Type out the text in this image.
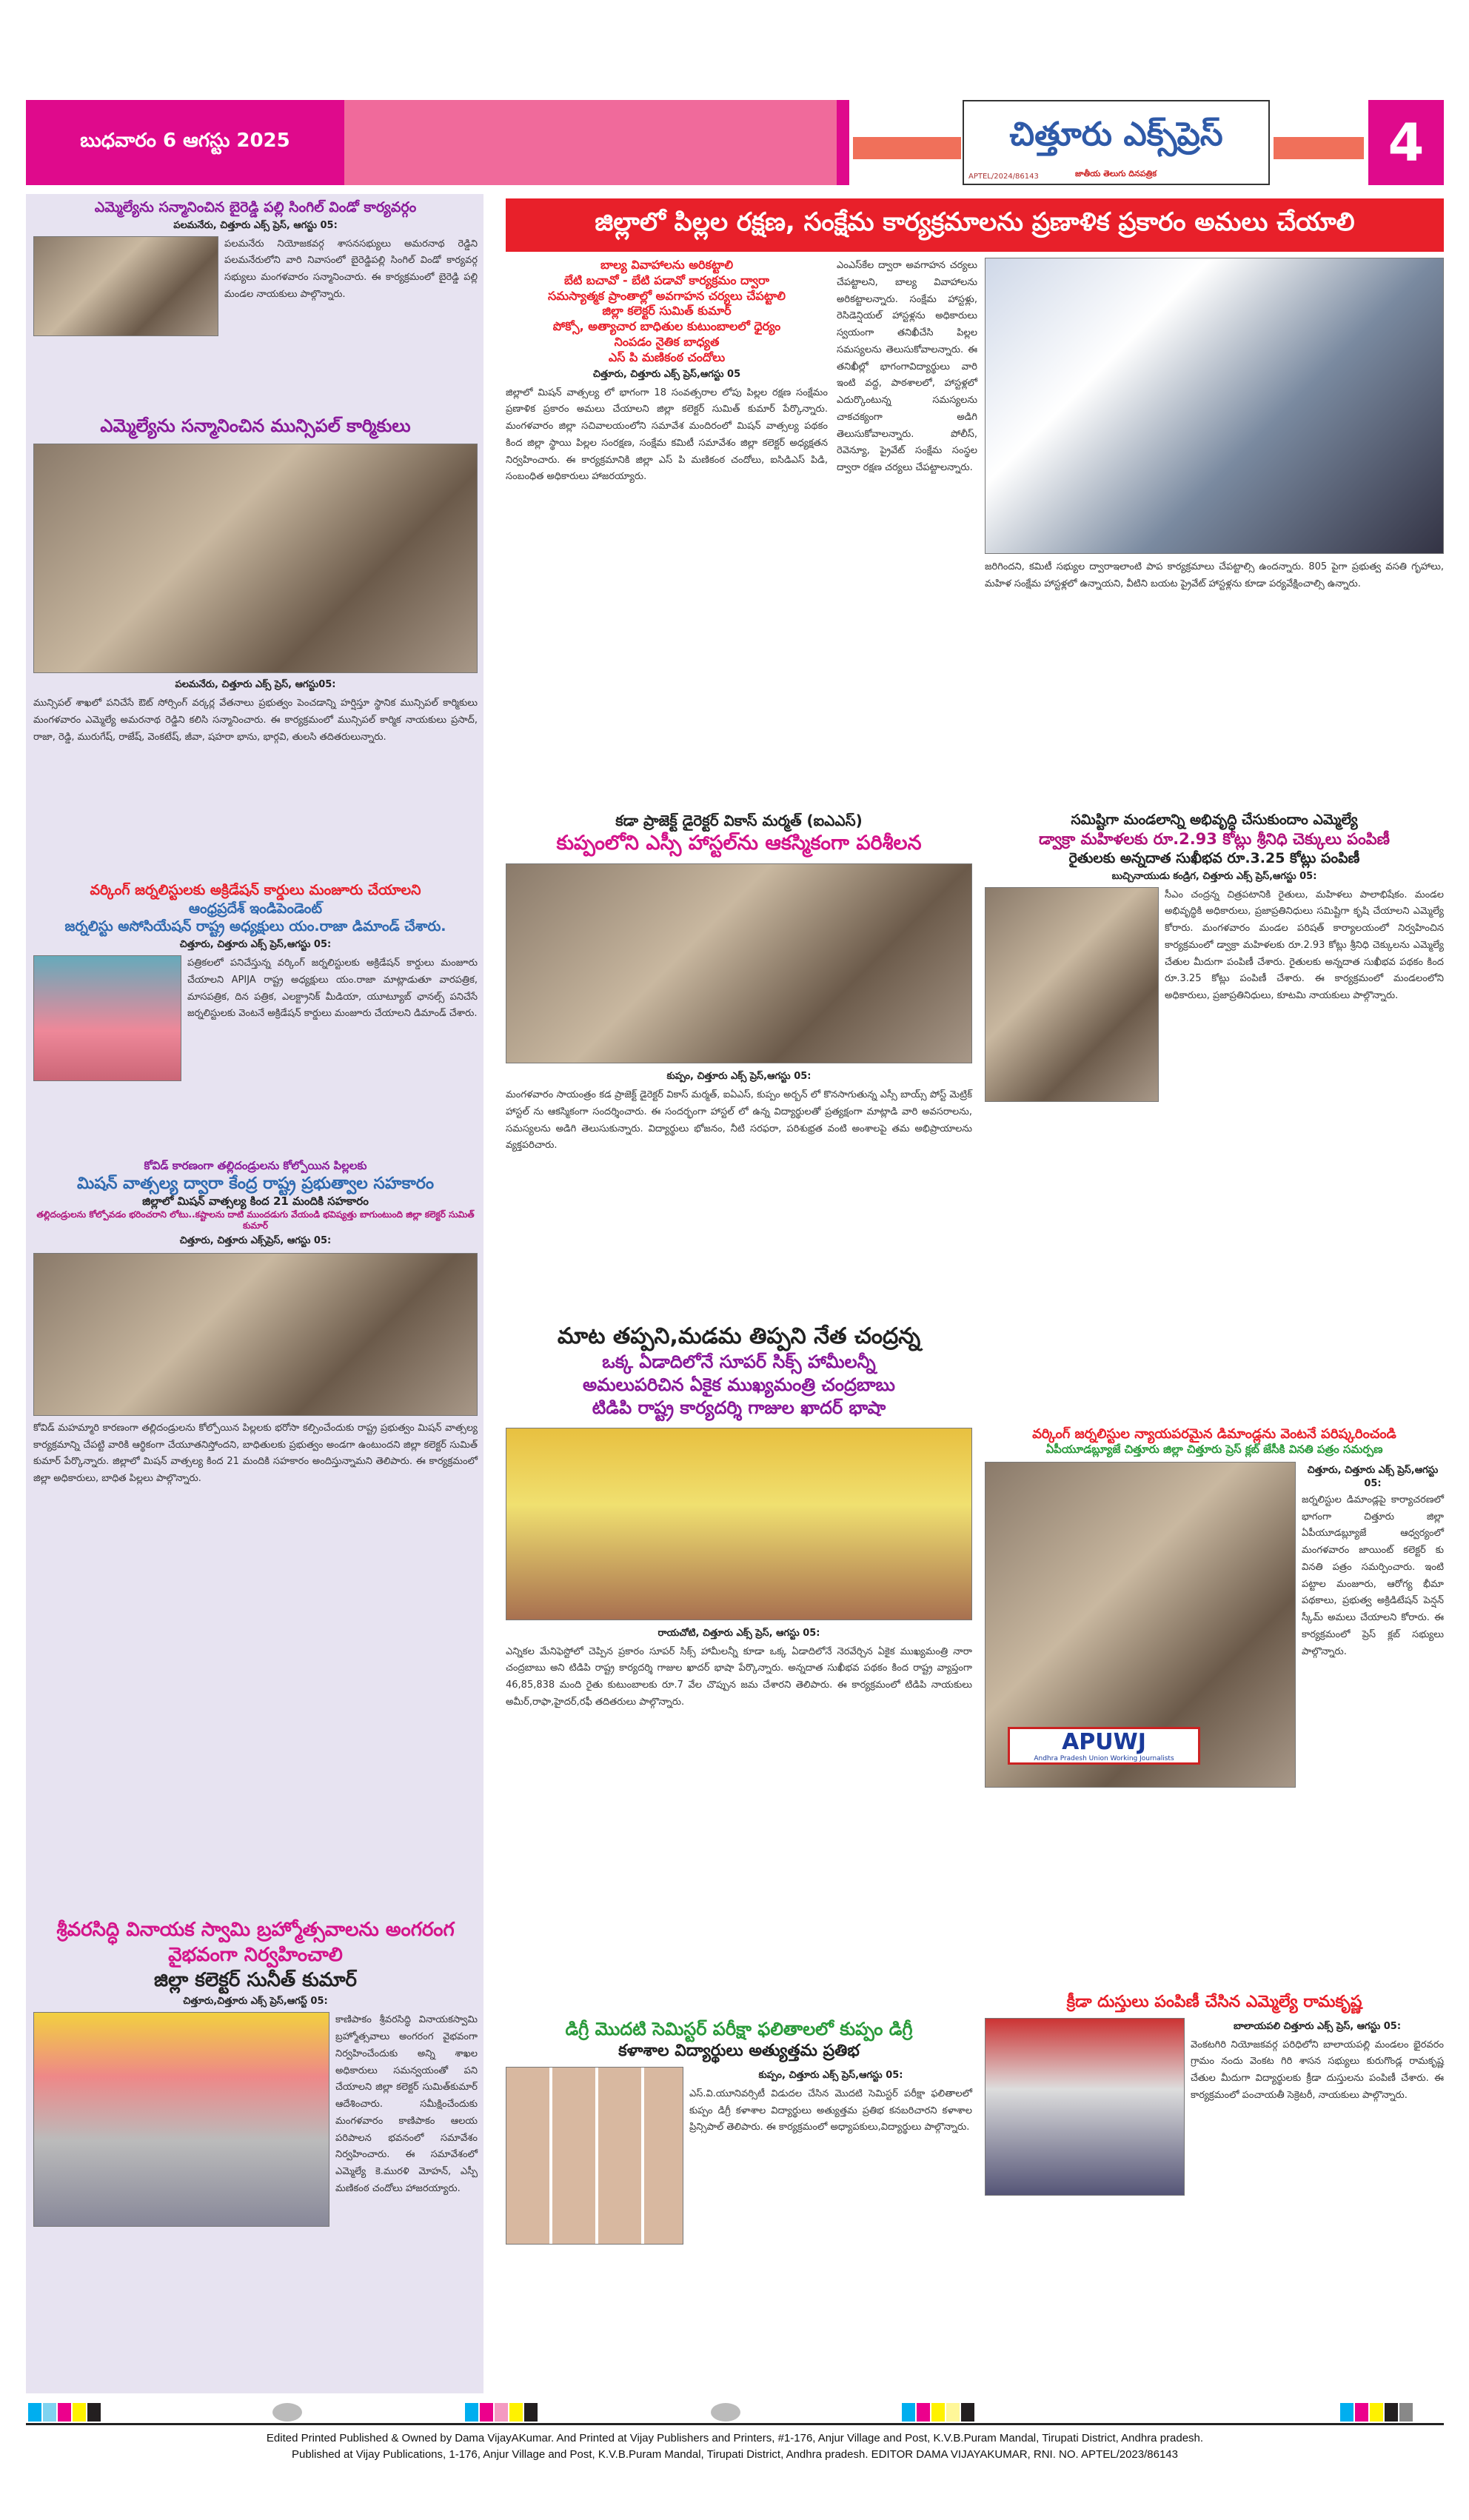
బుధవారం 6 ఆగస్టు 2025	చిత్తూరు ఎక్స్‌ప్రెస్
APTEL/2024/86143	జాతీయ తెలుగు దినపత్రిక
4
ఎమ్మెల్యేను సన్మానించిన బైరెడ్డి పల్లి సింగిల్ విండో కార్యవర్గం
పలమనేరు, చిత్తూరు ఎక్స్ ప్రెస్, ఆగస్టు 05:
పలమనేరు నియోజకవర్గ శాసనసభ్యులు అమరనాథ రెడ్డిని పలమనేరులోని వారి నివాసంలో బైరెడ్డిపల్లి సింగిల్ విండో కార్యవర్గ సభ్యులు మంగళవారం సన్మానించారు. ఈ కార్యక్రమంలో బైరెడ్డి పల్లి మండల నాయకులు పాల్గొన్నారు.
ఎమ్మెల్యేను సన్మానించిన మున్సిపల్ కార్మికులు
పలమనేరు, చిత్తూరు ఎక్స్ ప్రెస్, ఆగస్టు05:
మున్సిపల్ శాఖలో పనిచేసే ఔట్ సోర్సింగ్ వర్కర్ల వేతనాలు ప్రభుత్వం పెంచడాన్ని హర్షిస్తూ స్థానిక మున్సిపల్ కార్మికులు మంగళవారం ఎమ్మెల్యే అమరనాథ రెడ్డిని కలిసి సన్మానించారు. ఈ కార్యక్రమంలో మున్సిపల్ కార్మిక నాయకులు ప్రసాద్, రాజా, రెడ్డి, మురుగేష్, రాజేష్, వెంకటేష్, జీవా, షహరా భాను, భార్గవి, తులసి తదితరులున్నారు.
వర్కింగ్ జర్నలిస్టులకు అక్రిడేషన్ కార్డులు మంజూరు చేయాలని
ఆంధ్రప్రదేశ్ ఇండిపెండెంట్
జర్నలిస్టు అసోసియేషన్ రాష్ట్ర అధ్యక్షులు యం.రాజా డిమాండ్ చేశారు.
చిత్తూరు, చిత్తూరు ఎక్స్ ప్రెస్,ఆగస్టు 05:
పత్రికలలో పనిచేస్తున్న వర్కింగ్ జర్నలిస్టులకు అక్రిడేషన్ కార్డులు మంజూరు చేయాలని APIJA రాష్ట్ర అధ్యక్షులు యం.రాజా మాట్లాడుతూ వారపత్రిక, మాసపత్రిక, దిన పత్రిక, ఎలక్ట్రానిక్ మీడియా, యూట్యూబ్ ఛానల్స్ పనిచేసే జర్నలిస్టులకు వెంటనే అక్రిడేషన్ కార్డులు మంజూరు చేయాలని డిమాండ్ చేశారు.
కోవిడ్ కారణంగా తల్లిదండ్రులను కోల్పోయిన పిల్లలకు
మిషన్ వాత్సల్య ద్వారా కేంద్ర రాష్ట్ర ప్రభుత్వాల సహకారం
జిల్లాలో మిషన్ వాత్సల్య కింద 21 మందికి సహకారం
తల్లిదండ్రులను కోల్పోవడం భరించరాని లోటు..కష్టాలను దాటి ముందడుగు వేయండి భవిష్యత్తు బాగుంటుంది జిల్లా కలెక్టర్ సుమిత్ కుమార్
చిత్తూరు, చిత్తూరు ఎక్స్‌ప్రెస్, ఆగస్టు 05:
కోవిడ్ మహమ్మారి కారణంగా తల్లిదండ్రులను కోల్పోయిన పిల్లలకు భరోసా కల్పించేందుకు రాష్ట్ర ప్రభుత్వం మిషన్ వాత్సల్య కార్యక్రమాన్ని చేపట్టి వారికి ఆర్థికంగా చేయూతనిస్తోందని, బాధితులకు ప్రభుత్వం అండగా ఉంటుందని జిల్లా కలెక్టర్ సుమిత్ కుమార్ పేర్కొన్నారు. జిల్లాలో మిషన్ వాత్సల్య కింద 21 మందికి సహకారం అందిస్తున్నామని తెలిపారు. ఈ కార్యక్రమంలో జిల్లా అధికారులు, బాధిత పిల్లలు పాల్గొన్నారు.
శ్రీవరసిద్ధి వినాయక స్వామి బ్రహ్మోత్సవాలను అంగరంగ వైభవంగా నిర్వహించాలి
జిల్లా కలెక్టర్ సునీత్ కుమార్
చిత్తూరు,చిత్తూరు ఎక్స్ ప్రెస్,ఆగస్ట్ 05:
కాణిపాకం శ్రీవరసిద్ధి వినాయకస్వామి బ్రహ్మోత్సవాలు అంగరంగ వైభవంగా నిర్వహించేందుకు అన్ని శాఖల అధికారులు సమన్వయంతో పని చేయాలని జిల్లా కలెక్టర్ సుమిత్‌కుమార్ ఆదేశించారు. సమీక్షించేందుకు మంగళవారం కాణిపాకం ఆలయ పరిపాలన భవనంలో సమావేశం నిర్వహించారు. ఈ సమావేశంలో ఎమ్మెల్యే కె.మురళి మోహన్, ఎస్పీ మణికంఠ చందోలు హాజరయ్యారు.
జిల్లాలో పిల్లల రక్షణ, సంక్షేమ కార్యక్రమాలను ప్రణాళిక ప్రకారం అమలు చేయాలి
బాల్య వివాహాలను అరికట్టాలి
బేటి బచావో - బేటి పడావో కార్యక్రమం ద్వారా
సమస్యాత్మక ప్రాంతాల్లో అవగాహన చర్యలు చేపట్టాలి
జిల్లా కలెక్టర్ సుమిత్ కుమార్
పోక్సో, అత్యాచార బాధితుల కుటుంబాలలో ధైర్యం
నింపడం నైతిక బాధ్యత
ఎస్ పి మణికంఠ చందోలు
చిత్తూరు, చిత్తూరు ఎక్స్ ప్రెస్,ఆగస్టు 05
జిల్లాలో మిషన్ వాత్సల్య లో భాగంగా 18 సంవత్సరాల లోపు పిల్లల రక్షణ సంక్షేమం ప్రణాళిక ప్రకారం అమలు చేయాలని జిల్లా కలెక్టర్ సుమిత్ కుమార్ పేర్కొన్నారు. మంగళవారం జిల్లా సచివాలయంలోని సమావేశ మందిరంలో మిషన్ వాత్సల్య పథకం కింద జిల్లా స్థాయి పిల్లల సంరక్షణ, సంక్షేమ కమిటీ సమావేశం జిల్లా కలెక్టర్ అధ్యక్షతన నిర్వహించారు. ఈ కార్యక్రమానికి జిల్లా ఎస్ పి మణికంఠ చందోలు, ఐసిడిఎస్ పిడి, సంబంధిత అధికారులు హాజరయ్యారు.
ఎంఎస్‌కేల ద్వారా అవగాహన చర్యలు చేపట్టాలని, బాల్య వివాహాలను అరికట్టాలన్నారు. సంక్షేమ హాస్టళ్లు, రెసిడెన్షియల్ హాస్టళ్లను అధికారులు స్వయంగా తనిఖీచేసి పిల్లల సమస్యలను తెలుసుకోవాలన్నారు. ఈ తనిఖీల్లో భాగంగావిద్యార్థులు వారి ఇంటి వద్ద, పాఠశాలలో, హాస్టళ్లలో ఎదుర్కొంటున్న సమస్యలను చాకచక్యంగా అడిగి తెలుసుకోవాలన్నారు. పోలీస్, రెవెన్యూ, ప్రైవేట్ సంక్షేమ సంస్థల ద్వారా రక్షణ చర్యలు చేపట్టాలన్నారు.
జరిగిందని, కమిటీ సభ్యుల ద్వారాఇలాంటి పాప కార్యక్రమాలు చేపట్టాల్సి ఉందన్నారు. 805 పైగా ప్రభుత్వ వసతి గృహాలు, మహిళ సంక్షేమ హాస్టళ్లలో ఉన్నాయని, వీటిని బయట ప్రైవేట్ హాస్టళ్లను కూడా పర్యవేక్షించాల్సి ఉన్నారు.
కడా ప్రాజెక్ట్ డైరెక్టర్ వికాస్ మర్మత్ (ఐఎఎస్)
కుప్పంలోని ఎస్సీ హాస్టల్‌ను ఆకస్మికంగా పరిశీలన
కుప్పం, చిత్తూరు ఎక్స్ ప్రెస్,ఆగస్టు 05:
మంగళవారం సాయంత్రం కడ ప్రాజెక్ట్ డైరెక్టర్ వికాస్ మర్మత్, ఐఏఎస్, కుప్పం అర్బన్ లో కొనసాగుతున్న ఎస్సీ బాయ్స్ పోస్ట్ మెట్రిక్ హాస్టల్ ను ఆకస్మికంగా సందర్శించారు. ఈ సందర్భంగా హాస్టల్ లో ఉన్న విద్యార్థులతో ప్రత్యక్షంగా మాట్లాడి వారి అవసరాలను, సమస్యలను అడిగి తెలుసుకున్నారు. విద్యార్థులు భోజనం, నీటి సరఫరా, పరిశుభ్రత వంటి అంశాలపై తమ అభిప్రాయాలను వ్యక్తపరిచారు.
సమిష్టిగా మండలాన్ని అభివృద్ధి చేసుకుందాం ఎమ్మెల్యే
డ్వాక్రా మహిళలకు రూ.2.93 కోట్లు శ్రీనిధి చెక్కులు పంపిణీ
రైతులకు అన్నదాత సుఖీభవ రూ.3.25 కోట్లు పంపిణీ
బుచ్చినాయుడు కండ్రిగ, చిత్తూరు ఎక్స్ ప్రెస్,ఆగస్టు 05:
సీఎం చంద్రన్న చిత్రపటానికి రైతులు, మహిళలు పాలాభిషేకం. మండల అభివృద్ధికి అధికారులు, ప్రజాప్రతినిధులు సమిష్టిగా కృషి చేయాలని ఎమ్మెల్యే కోరారు. మంగళవారం మండల పరిషత్ కార్యాలయంలో నిర్వహించిన కార్యక్రమంలో డ్వాక్రా మహిళలకు రూ.2.93 కోట్లు శ్రీనిధి చెక్కులను ఎమ్మెల్యే చేతుల మీదుగా పంపిణీ చేశారు. రైతులకు అన్నదాత సుఖీభవ పథకం కింద రూ.3.25 కోట్లు పంపిణీ చేశారు. ఈ కార్యక్రమంలో మండలంలోని అధికారులు, ప్రజాప్రతినిధులు, కూటమి నాయకులు పాల్గొన్నారు.
మాట తప్పని,మడమ తిప్పని నేత చంద్రన్న
ఒక్క ఏడాదిలోనే సూపర్ సిక్స్ హామీలన్నీ
అమలుపరిచిన ఏకైక ముఖ్యమంత్రి చంద్రబాబు
టిడిపి రాష్ట్ర కార్యదర్శి గాజుల ఖాదర్ భాషా
రాయచోటి, చిత్తూరు ఎక్స్ ప్రెస్, ఆగస్టు 05:
ఎన్నికల మేనిఫెస్టోలో చెప్పిన ప్రకారం సూపర్ సిక్స్ హామీలన్నీ కూడా ఒక్క ఏడాదిలోనే నెరవేర్చిన ఏకైక ముఖ్యమంత్రి నారా చంద్రబాబు అని టిడిపి రాష్ట్ర కార్యదర్శి గాజుల ఖాదర్ భాషా పేర్కొన్నారు. అన్నదాత సుఖీభవ పథకం కింద రాష్ట్ర వ్యాప్తంగా 46,85,838 మంది రైతు కుటుంబాలకు రూ.7 వేల చొప్పున జమ చేశారని తెలిపారు. ఈ కార్యక్రమంలో టిడిపి నాయకులు అమీర్,రాఫా,హైదర్,రఫీ తదితరులు పాల్గొన్నారు.
వర్కింగ్ జర్నలిస్టుల న్యాయపరమైన డిమాండ్లను వెంటనే పరిష్కరించండి
ఏపీయూడబ్ల్యూజే చిత్తూరు జిల్లా చిత్తూరు ప్రెస్ క్లబ్ జేసీకి వినతి పత్రం సమర్పణ
APUWJ
Andhra Pradesh Union Working Journalists
చిత్తూరు, చిత్తూరు ఎక్స్ ప్రెస్,ఆగస్టు 05:
జర్నలిస్టుల డిమాండ్లపై కార్యాచరణలో భాగంగా చిత్తూరు జిల్లా ఏపీయూడబ్ల్యూజే ఆధ్వర్యంలో మంగళవారం జాయింట్ కలెక్టర్ కు వినతి పత్రం సమర్పించారు. ఇంటి పట్టాల మంజూరు, ఆరోగ్య భీమా పథకాలు, ప్రభుత్వ అక్రిడిటేషన్ పెన్షన్ స్కీమ్ అమలు చేయాలని కోరారు. ఈ కార్యక్రమంలో ప్రెస్ క్లబ్ సభ్యులు పాల్గొన్నారు.
డిగ్రీ మొదటి సెమిస్టర్ పరీక్షా ఫలితాలలో కుప్పం డిగ్రీ
కళాశాల విద్యార్థులు అత్యుత్తమ ప్రతిభ
కుప్పం, చిత్తూరు ఎక్స్ ప్రెస్,ఆగస్టు 05:
ఎస్.వి.యూనివర్సిటీ విడుదల చేసిన మొదటి సెమిస్టర్ పరీక్షా ఫలితాలలో కుప్పం డిగ్రీ కళాశాల విద్యార్థులు అత్యుత్తమ ప్రతిభ కనబరిచారని కళాశాల ప్రిన్సిపాల్ తెలిపారు. ఈ కార్యక్రమంలో అధ్యాపకులు,విద్యార్థులు పాల్గొన్నారు.
క్రీడా దుస్తులు పంపిణీ చేసిన ఎమ్మెల్యే రామకృష్ణ
బాలాయపలి చిత్తూరు ఎక్స్ ప్రెస్, ఆగస్టు 05:
వెంకటగిరి నియోజకవర్గ పరిధిలోని బాలాయపల్లి మండలం భైరవరం గ్రామం నందు వెంకట గిరి శాసన సభ్యులు కురుగొండ్ల రామకృష్ణ చేతుల మీదుగా విద్యార్థులకు క్రీడా దుస్తులను పంపిణీ చేశారు. ఈ కార్యక్రమంలో పంచాయతీ సెక్రెటరీ, నాయకులు పాల్గొన్నారు.
Edited Printed Published & Owned by Dama VijayAKumar. And Printed at Vijay Publishers and Printers, #1-176, Anjur Village and Post, K.V.B.Puram Mandal, Tirupati District, Andhra pradesh.
Published at Vijay Publications, 1-176, Anjur Village and Post, K.V.B.Puram Mandal, Tirupati District, Andhra pradesh. EDITOR DAMA VIJAYAKUMAR, RNI. NO. APTEL/2023/86143
